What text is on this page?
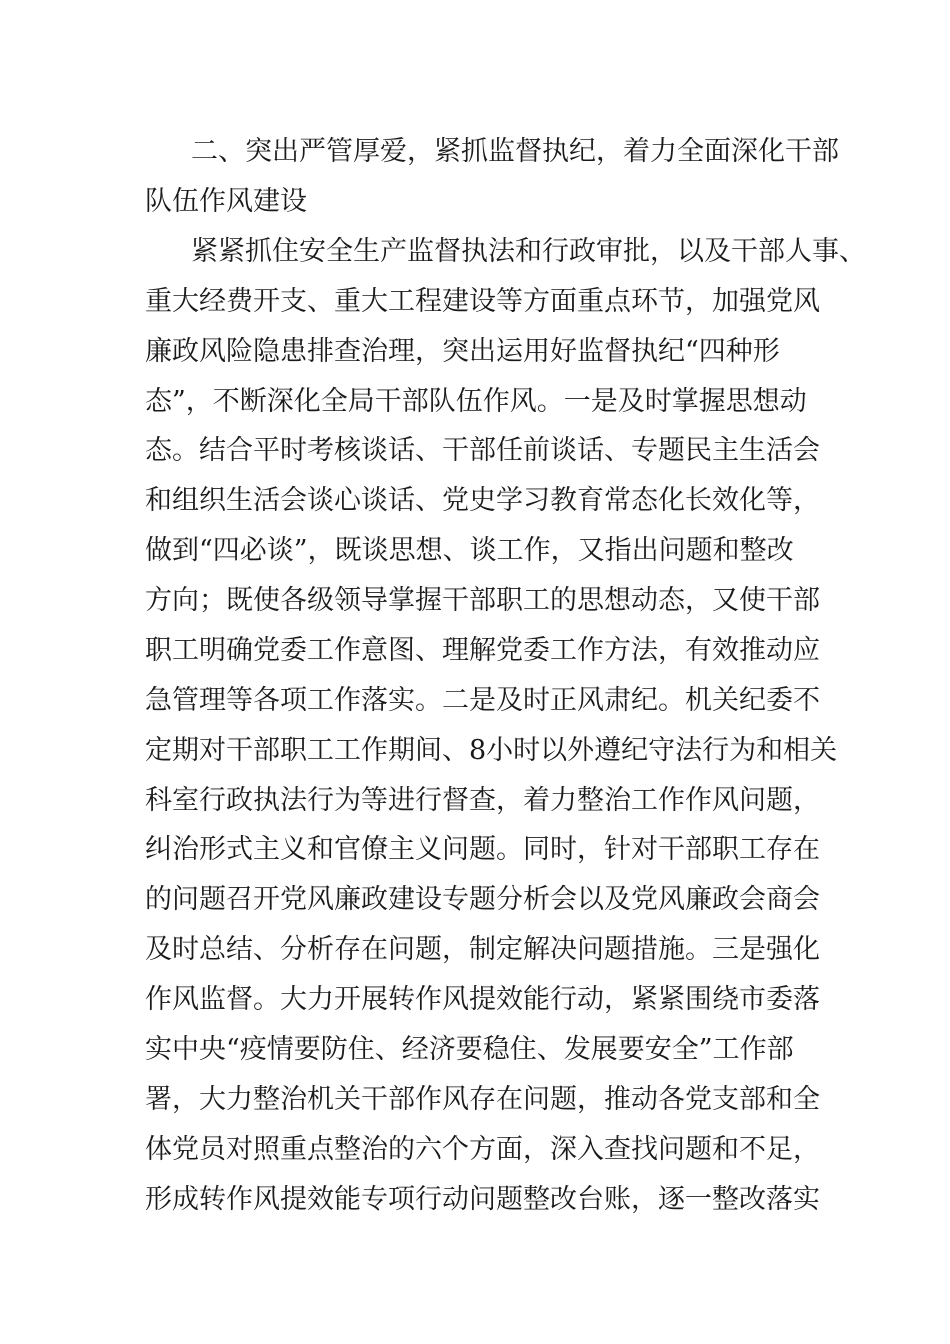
二、突出严管厚爱，紧抓监督执纪，着力全面深化干部
队伍作风建设
紧紧抓住安全生产监督执法和行政审批，以及干部人事、
重大经费开支、重大工程建设等方面重点环节，加强党风
廉政风险隐患排查治理，突出运用好监督执纪“四种形
态”，不断深化全局干部队伍作风。一是及时掌握思想动
态。结合平时考核谈话、干部任前谈话、专题民主生活会
和组织生活会谈心谈话、党史学习教育常态化长效化等，
做到“四必谈”，既谈思想、谈工作，又指出问题和整改
方向；既使各级领导掌握干部职工的思想动态，又使干部
职工明确党委工作意图、理解党委工作方法，有效推动应
急管理等各项工作落实。二是及时正风肃纪。机关纪委不
定期对干部职工工作期间、8小时以外遵纪守法行为和相关
科室行政执法行为等进行督查，着力整治工作作风问题，
纠治形式主义和官僚主义问题。同时，针对干部职工存在
的问题召开党风廉政建设专题分析会以及党风廉政会商会
及时总结、分析存在问题，制定解决问题措施。三是强化
作风监督。大力开展转作风提效能行动，紧紧围绕市委落
实中央“疫情要防住、经济要稳住、发展要安全”工作部
署，大力整治机关干部作风存在问题，推动各党支部和全
体党员对照重点整治的六个方面，深入查找问题和不足，
形成转作风提效能专项行动问题整改台账，逐一整改落实
